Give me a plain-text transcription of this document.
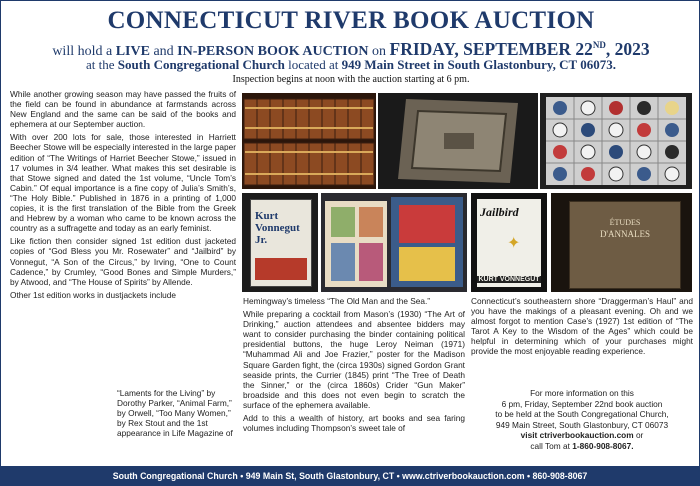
CONNECTICUT RIVER BOOK AUCTION
will hold a LIVE and IN-PERSON BOOK AUCTION on FRIDAY, SEPTEMBER 22ND, 2023
at the South Congregational Church located at 949 Main Street in South Glastonbury, CT 06073.
Inspection begins at noon with the auction starting at 6 pm.

While another growing season may have passed the fruits of the field can be found in abundance at farmstands across New England and the same can be said of the books and ephemera at our September auction.

With over 200 lots for sale, those interested in Harriett Beecher Stowe will be especially interested in the large paper edition of “The Writings of Harriet Beecher Stowe,” issued in 17 volumes in 3/4 leather. What makes this set desirable is that Stowe signed and dated the 1st volume, “Uncle Tom’s Cabin.” Of equal importance is a fine copy of Julia’s Smith’s, “The Holy Bible.” Published in 1876 in a printing of 1,000 copies, it is the first translation of the Bible from the Greek and Hebrew by a woman who came to be known across the country as a suffragette and today as an early feminist.

Like fiction then consider signed 1st edition dust jacketed copies of “God Bless you Mr. Rosewater” and “Jailbird” by Vonnegut, “A Son of the Circus,” by Irving, “One to Count Cadence,” by Crumley, “Good Bones and Simple Murders,” by Atwood, and “The House of Spirits” by Allende.

Other 1st edition works in dustjackets include

“Laments for the Living” by Dorothy Parker, “Animal Farm,” by Orwell, “Too Many Women,” by Rex Stout and the 1st appearance in Life Magazine of

Kurt Vonnegut Jr.
Jailbird
✦
KURT VONNEGUT
ÉTUDES
D'ANNALES

Hemingway’s timeless “The Old Man and the Sea.”

While preparing a cocktail from Mason’s (1930) “The Art of Drinking,” auction attendees and absentee bidders may want to consider purchasing the binder containing political presidential buttons, the huge Leroy Neiman (1971) “Muhammad Ali and Joe Frazier,” poster for the Madison Square Garden fight, the (circa 1930s) signed Gordon Grant seaside prints, the Currier (1845) print “The Tree of Death the Sinner,” or the (circa 1860s) Crider “Gun Maker” broadside and this does not even begin to scratch the surface of the ephemera available.

Add to this a wealth of history, art books and sea faring volumes including Thompson’s sweet tale of

Connecticut’s southeastern shore “Draggerman’s Haul” and you have the makings of a pleasant evening. Oh and we almost forgot to mention Case’s (1927) 1st edition of “The Tarot A Key to the Wisdom of the Ages” which could be helpful in determining which of your purchases might provide the most enjoyable reading experience.

For more information on this
6 pm, Friday, September 22nd book auction
to be held at the South Congregational Church,
949 Main Street, South Glastonbury, CT 06073
visit ctriverbookauction.com or
call Tom at 1-860-908-8067.
South Congregational Church • 949 Main St, South Glastonbury, CT • www.ctriverbookauction.com • 860-908-8067
